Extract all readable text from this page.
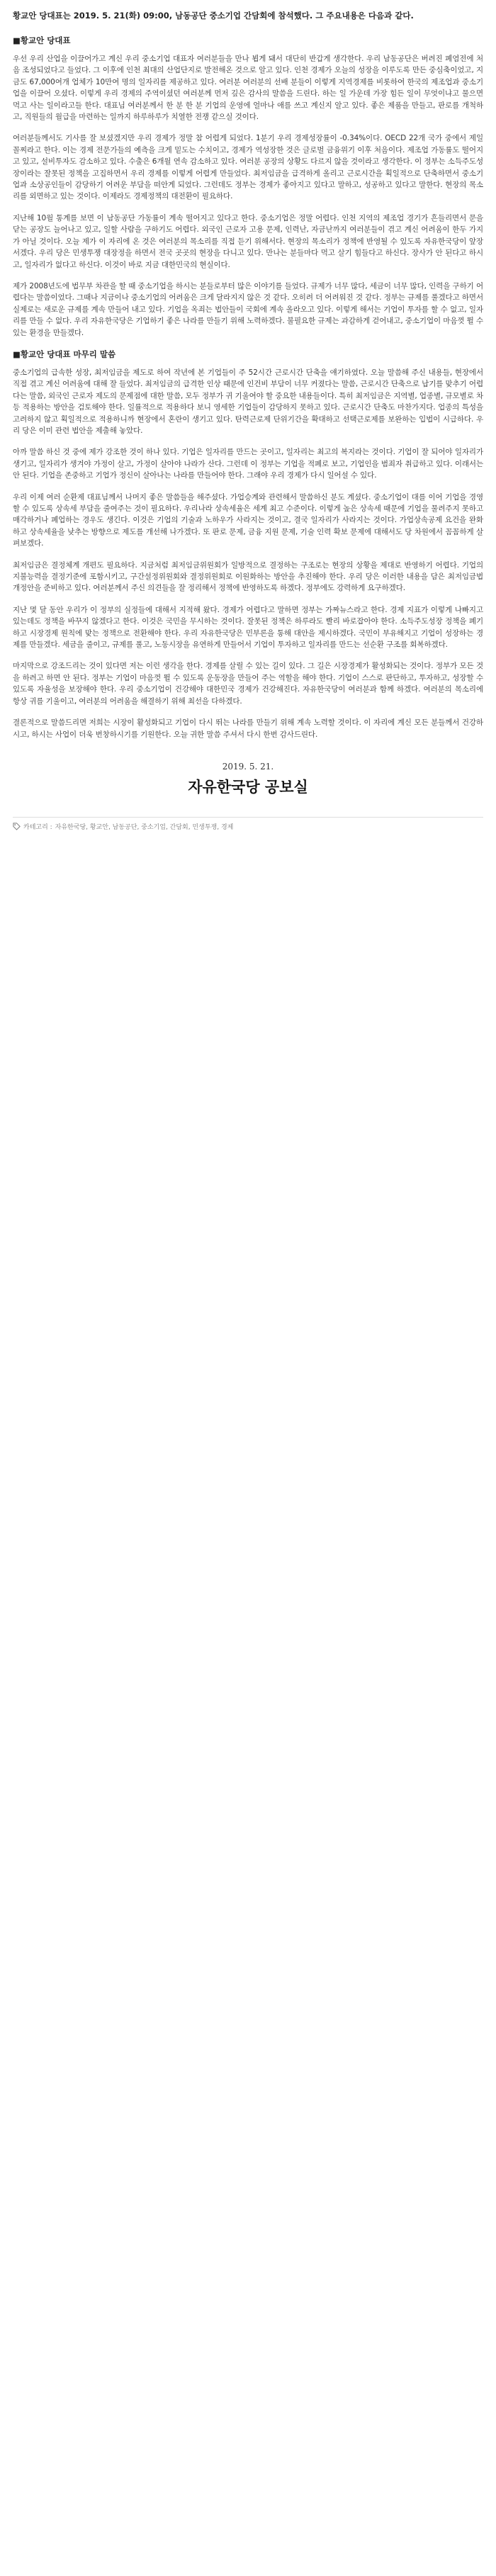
황교안 당대표는 2019. 5. 21(화) 09:00, 남동공단 중소기업 간담회에 참석했다. 그 주요내용은 다음과 같다.

■황교안 당대표

우선 우리 산업을 이끌어가고 계신 우리 중소기업 대표자 여러분들을 만나 뵙게 돼서 대단히 반갑게 생각한다. 우리 남동공단은 버려진 폐염전에 처음 조성되었다고 들었다. 그 이후에 인천 최대의 산업단지로 발전해온 것으로 알고 있다. 인천 경제가 오늘의 성장을 이루도록 만든 중심축이었고, 지금도 67,000여개 업체가 10만여 명의 일자리를 제공하고 있다. 여러분 여러분의 선배 분들이 이렇게 지역경제를 비롯하여 한국의 제조업과 중소기업을 이끌어 오셨다. 이렇게 우리 경제의 주역이셨던 여러분께 먼저 깊은 감사의 말씀을 드린다. 하는 일 가운데 가장 힘든 일이 무엇이냐고 물으면 먹고 사는 일이라고들 한다. 대표님 여러분께서 한 분 한 분 기업의 운영에 얼마나 애를 쓰고 계신지 알고 있다. 좋은 제품을 만들고, 판로를 개척하고, 직원들의 월급을 마련하는 일까지 하루하루가 치열한 전쟁 같으실 것이다.

여러분들께서도 기사를 잘 보셨겠지만 우리 경제가 정말 참 어렵게 되었다. 1분기 우리 경제성장률이 -0.34%이다. OECD 22개 국가 중에서 제일 꼴찌라고 한다. 이는 경제 전문가들의 예측을 크게 밑도는 수치이고, 경제가 역성장한 것은 글로벌 금융위기 이후 처음이다. 제조업 가동률도 떨어지고 있고, 설비투자도 감소하고 있다. 수출은 6개월 연속 감소하고 있다. 여러분 공장의 상황도 다르지 않을 것이라고 생각한다. 이 정부는 소득주도성장이라는 잘못된 정책을 고집하면서 우리 경제를 이렇게 어렵게 만들었다. 최저임금을 급격하게 올리고 근로시간을 획일적으로 단축하면서 중소기업과 소상공인들이 감당하기 어려운 부담을 떠안게 되었다. 그런데도 정부는 경제가 좋아지고 있다고 말하고, 성공하고 있다고 말한다. 현장의 목소리를 외면하고 있는 것이다. 이제라도 경제정책의 대전환이 필요하다.

지난해 10월 통계를 보면 이 남동공단 가동률이 계속 떨어지고 있다고 한다. 중소기업은 정말 어렵다. 인천 지역의 제조업 경기가 흔들리면서 문을 닫는 공장도 늘어나고 있고, 일할 사람을 구하기도 어렵다. 외국인 근로자 고용 문제, 인력난, 자금난까지 여러분들이 겪고 계신 어려움이 한두 가지가 아닐 것이다. 오늘 제가 이 자리에 온 것은 여러분의 목소리를 직접 듣기 위해서다. 현장의 목소리가 정책에 반영될 수 있도록 자유한국당이 앞장서겠다. 우리 당은 민생투쟁 대장정을 하면서 전국 곳곳의 현장을 다니고 있다. 만나는 분들마다 먹고 살기 힘들다고 하신다. 장사가 안 된다고 하시고, 일자리가 없다고 하신다. 이것이 바로 지금 대한민국의 현실이다.

제가 2008년도에 법무부 차관을 할 때 중소기업을 하시는 분들로부터 많은 이야기를 들었다. 규제가 너무 많다, 세금이 너무 많다, 인력을 구하기 어렵다는 말씀이었다. 그때나 지금이나 중소기업의 어려움은 크게 달라지지 않은 것 같다. 오히려 더 어려워진 것 같다. 정부는 규제를 풀겠다고 하면서 실제로는 새로운 규제를 계속 만들어 내고 있다. 기업을 옥죄는 법안들이 국회에 계속 올라오고 있다. 이렇게 해서는 기업이 투자를 할 수 없고, 일자리를 만들 수 없다. 우리 자유한국당은 기업하기 좋은 나라를 만들기 위해 노력하겠다. 불필요한 규제는 과감하게 걷어내고, 중소기업이 마음껏 뛸 수 있는 환경을 만들겠다.

■황교안 당대표 마무리 말씀

중소기업의 급속한 성장, 최저임금을 제도로 하여 작년에 본 기업들이 주 52시간 근로시간 단축을 얘기하였다. 오늘 말씀해 주신 내용들, 현장에서 직접 겪고 계신 어려움에 대해 잘 들었다. 최저임금의 급격한 인상 때문에 인건비 부담이 너무 커졌다는 말씀, 근로시간 단축으로 납기를 맞추기 어렵다는 말씀, 외국인 근로자 제도의 문제점에 대한 말씀, 모두 정부가 귀 기울여야 할 중요한 내용들이다. 특히 최저임금은 지역별, 업종별, 규모별로 차등 적용하는 방안을 검토해야 한다. 일률적으로 적용하다 보니 영세한 기업들이 감당하지 못하고 있다. 근로시간 단축도 마찬가지다. 업종의 특성을 고려하지 않고 획일적으로 적용하니까 현장에서 혼란이 생기고 있다. 탄력근로제 단위기간을 확대하고 선택근로제를 보완하는 입법이 시급하다. 우리 당은 이미 관련 법안을 제출해 놓았다.

아까 말씀 하신 것 중에 제가 강조한 것이 하나 있다. 기업은 일자리를 만드는 곳이고, 일자리는 최고의 복지라는 것이다. 기업이 잘 되어야 일자리가 생기고, 일자리가 생겨야 가정이 살고, 가정이 살아야 나라가 산다. 그런데 이 정부는 기업을 적폐로 보고, 기업인을 범죄자 취급하고 있다. 이래서는 안 된다. 기업을 존중하고 기업가 정신이 살아나는 나라를 만들어야 한다. 그래야 우리 경제가 다시 일어설 수 있다.

우리 이제 여러 순환제 대표님께서 나머지 좋은 말씀들을 해주셨다. 가업승계와 관련해서 말씀하신 분도 계셨다. 중소기업이 대를 이어 기업을 경영할 수 있도록 상속세 부담을 줄여주는 것이 필요하다. 우리나라 상속세율은 세계 최고 수준이다. 이렇게 높은 상속세 때문에 기업을 물려주지 못하고 매각하거나 폐업하는 경우도 생긴다. 이것은 기업의 기술과 노하우가 사라지는 것이고, 결국 일자리가 사라지는 것이다. 가업상속공제 요건을 완화하고 상속세율을 낮추는 방향으로 제도를 개선해 나가겠다. 또 판로 문제, 금융 지원 문제, 기술 인력 확보 문제에 대해서도 당 차원에서 꼼꼼하게 살펴보겠다.

최저임금은 결정체계 개편도 필요하다. 지금처럼 최저임금위원회가 일방적으로 결정하는 구조로는 현장의 상황을 제대로 반영하기 어렵다. 기업의 지불능력을 결정기준에 포함시키고, 구간설정위원회와 결정위원회로 이원화하는 방안을 추진해야 한다. 우리 당은 이러한 내용을 담은 최저임금법 개정안을 준비하고 있다. 여러분께서 주신 의견들을 잘 정리해서 정책에 반영하도록 하겠다. 정부에도 강력하게 요구하겠다.

지난 몇 달 동안 우리가 이 정부의 실정들에 대해서 지적해 왔다. 경제가 어렵다고 말하면 정부는 가짜뉴스라고 한다. 경제 지표가 이렇게 나빠지고 있는데도 정책을 바꾸지 않겠다고 한다. 이것은 국민을 무시하는 것이다. 잘못된 정책은 하루라도 빨리 바로잡아야 한다. 소득주도성장 정책을 폐기하고 시장경제 원칙에 맞는 정책으로 전환해야 한다. 우리 자유한국당은 민부론을 통해 대안을 제시하겠다. 국민이 부유해지고 기업이 성장하는 경제를 만들겠다. 세금을 줄이고, 규제를 풀고, 노동시장을 유연하게 만들어서 기업이 투자하고 일자리를 만드는 선순환 구조를 회복하겠다.

마지막으로 강조드리는 것이 있다면 저는 이런 생각을 한다. 경제를 살릴 수 있는 길이 있다. 그 길은 시장경제가 활성화되는 것이다. 정부가 모든 것을 하려고 하면 안 된다. 정부는 기업이 마음껏 뛸 수 있도록 운동장을 만들어 주는 역할을 해야 한다. 기업이 스스로 판단하고, 투자하고, 성장할 수 있도록 자율성을 보장해야 한다. 우리 중소기업이 건강해야 대한민국 경제가 건강해진다. 자유한국당이 여러분과 함께 하겠다. 여러분의 목소리에 항상 귀를 기울이고, 여러분의 어려움을 해결하기 위해 최선을 다하겠다.

결론적으로 말씀드리면 저희는 시장이 활성화되고 기업이 다시 뛰는 나라를 만들기 위해 계속 노력할 것이다. 이 자리에 계신 모든 분들께서 건강하시고, 하시는 사업이 더욱 번창하시기를 기원한다. 오늘 귀한 말씀 주셔서 다시 한번 감사드린다.

2019. 5. 21.
자유한국당 공보실
카테고리 : 자유한국당, 황교안, 남동공단, 중소기업, 간담회, 민생투쟁, 경제
